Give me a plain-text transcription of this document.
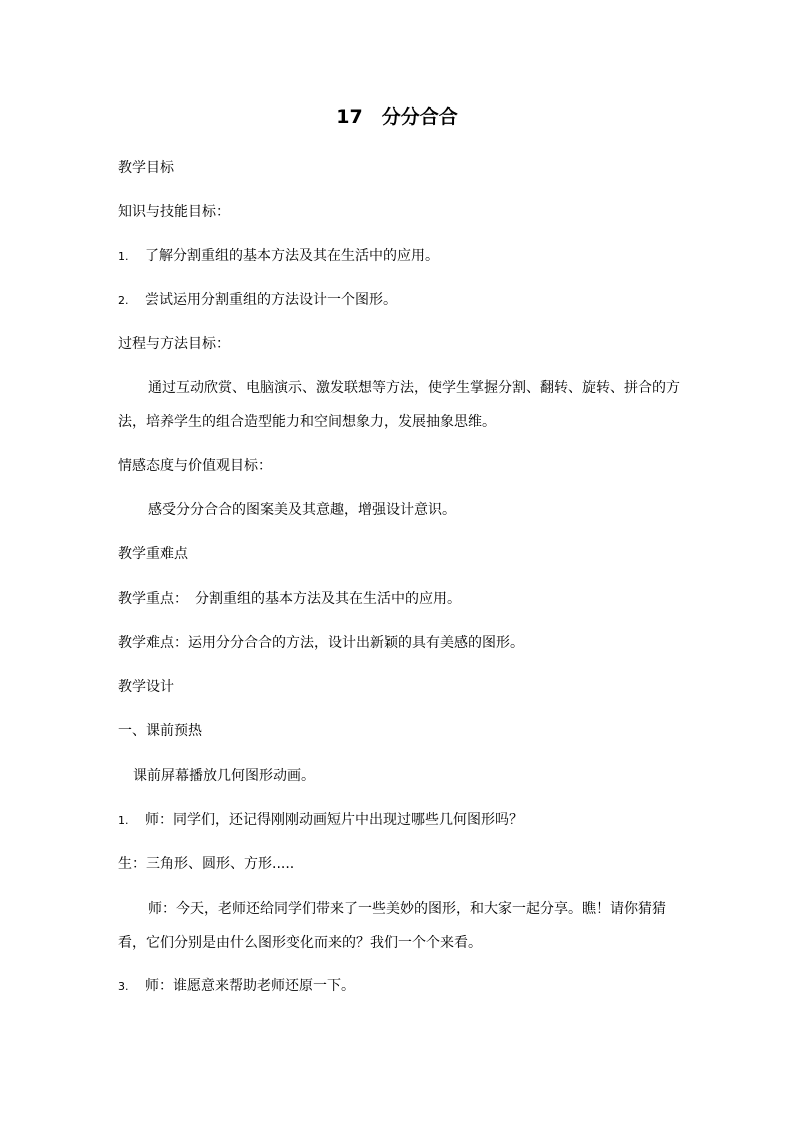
17　分分合合
教学目标
知识与技能目标：
1. 了解分割重组的基本方法及其在生活中的应用。
2. 尝试运用分割重组的方法设计一个图形。
过程与方法目标：
通过互动欣赏、电脑演示、激发联想等方法，使学生掌握分割、翻转、旋转、拼合的方法，培养学生的组合造型能力和空间想象力，发展抽象思维。
情感态度与价值观目标：
感受分分合合的图案美及其意趣，增强设计意识。
教学重难点
教学重点：　分割重组的基本方法及其在生活中的应用。
教学难点：运用分分合合的方法，设计出新颖的具有美感的图形。
教学设计
一、课前预热
课前屏幕播放几何图形动画。
1. 师：同学们，还记得刚刚动画短片中出现过哪些几何图形吗？
生：三角形、圆形、方形.....
师：今天，老师还给同学们带来了一些美妙的图形，和大家一起分享。瞧！请你猜猜看，它们分别是由什么图形变化而来的？我们一个个来看。
3. 师：谁愿意来帮助老师还原一下。
